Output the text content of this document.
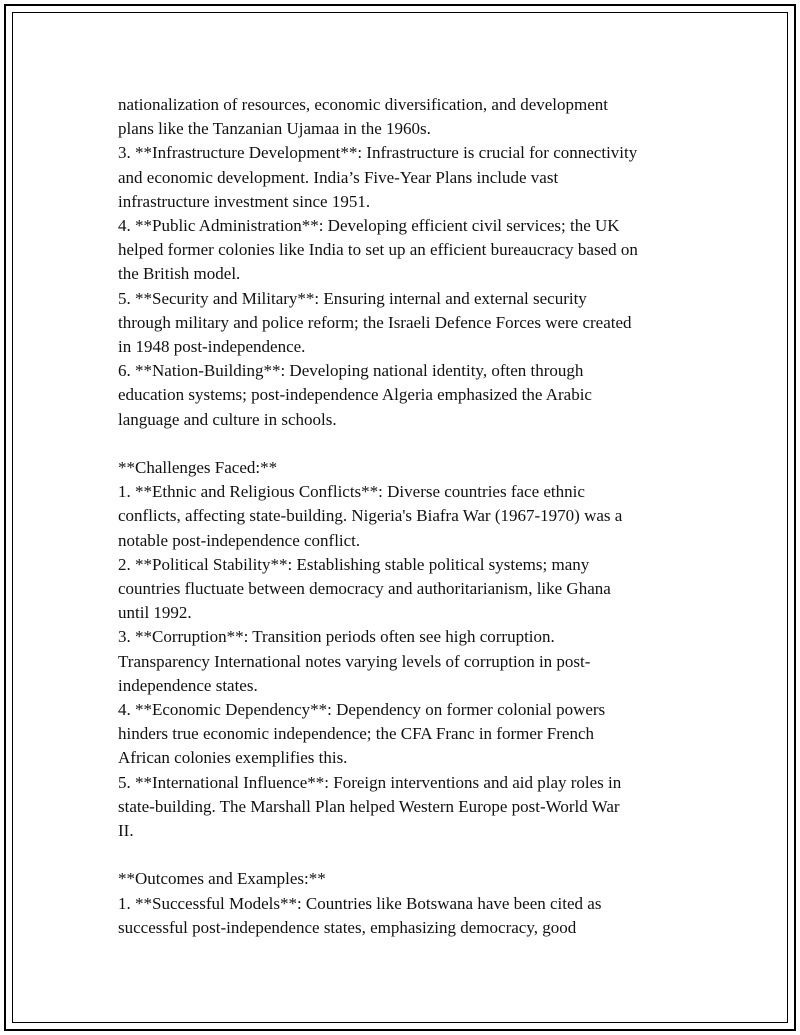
nationalization of resources, economic diversification, and development
plans like the Tanzanian Ujamaa in the 1960s.
3. **Infrastructure Development**: Infrastructure is crucial for connectivity
and economic development. India’s Five-Year Plans include vast
infrastructure investment since 1951.
4. **Public Administration**: Developing efficient civil services; the UK
helped former colonies like India to set up an efficient bureaucracy based on
the British model.
5. **Security and Military**: Ensuring internal and external security
through military and police reform; the Israeli Defence Forces were created
in 1948 post-independence.
6. **Nation-Building**: Developing national identity, often through
education systems; post-independence Algeria emphasized the Arabic
language and culture in schools.
**Challenges Faced:**
1. **Ethnic and Religious Conflicts**: Diverse countries face ethnic
conflicts, affecting state-building. Nigeria's Biafra War (1967-1970) was a
notable post-independence conflict.
2. **Political Stability**: Establishing stable political systems; many
countries fluctuate between democracy and authoritarianism, like Ghana
until 1992.
3. **Corruption**: Transition periods often see high corruption.
Transparency International notes varying levels of corruption in post-
independence states.
4. **Economic Dependency**: Dependency on former colonial powers
hinders true economic independence; the CFA Franc in former French
African colonies exemplifies this.
5. **International Influence**: Foreign interventions and aid play roles in
state-building. The Marshall Plan helped Western Europe post-World War
II.
**Outcomes and Examples:**
1. **Successful Models**: Countries like Botswana have been cited as
successful post-independence states, emphasizing democracy, good
